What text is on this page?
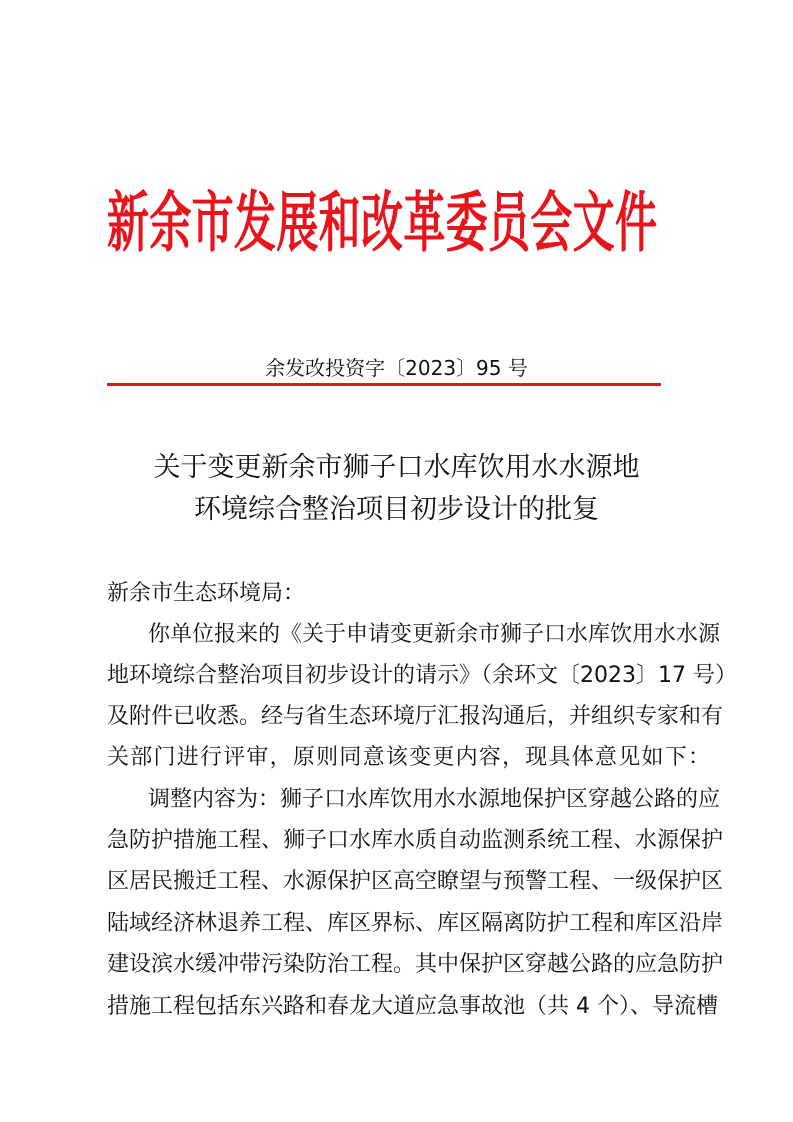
新余市发展和改革委员会文件
余发改投资字〔2023〕95 号
关于变更新余市狮子口水库饮用水水源地
环境综合整治项目初步设计的批复
新余市生态环境局：
你单位报来的《关于申请变更新余市狮子口水库饮用水水源
地环境综合整治项目初步设计的请示》（余环文〔2023〕17 号）
及附件已收悉。经与省生态环境厅汇报沟通后，并组织专家和有
关部门进行评审，原则同意该变更内容，现具体意见如下：
调整内容为：狮子口水库饮用水水源地保护区穿越公路的应
急防护措施工程、狮子口水库水质自动监测系统工程、水源保护
区居民搬迁工程、水源保护区高空瞭望与预警工程、一级保护区
陆域经济林退养工程、库区界标、库区隔离防护工程和库区沿岸
建设滨水缓冲带污染防治工程。其中保护区穿越公路的应急防护
措施工程包括东兴路和春龙大道应急事故池（共 4 个）、导流槽
